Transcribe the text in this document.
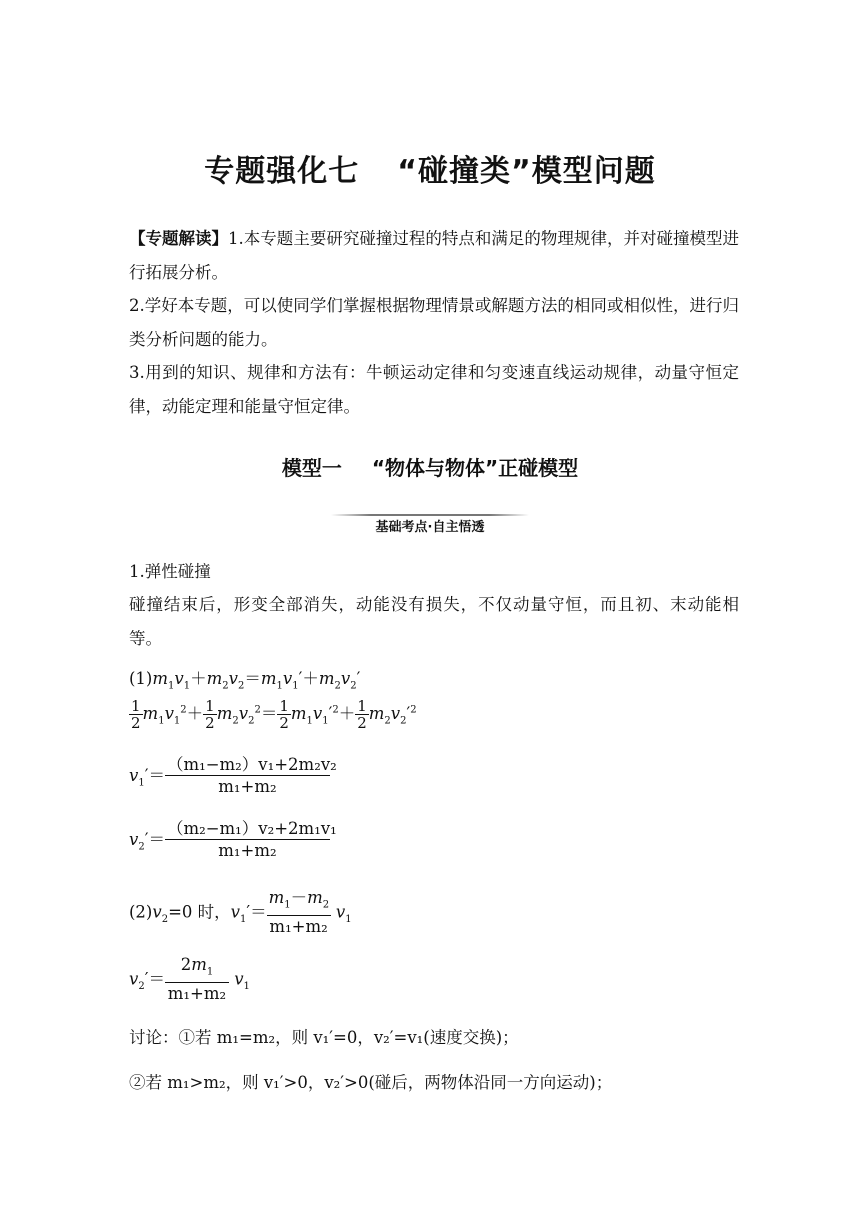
专题强化七 “碰撞类”模型问题
【专题解读】1.本专题主要研究碰撞过程的特点和满足的物理规律，并对碰撞模型进行拓展分析。
2.学好本专题，可以使同学们掌握根据物理情景或解题方法的相同或相似性，进行归类分析问题的能力。
3.用到的知识、规律和方法有：牛顿运动定律和匀变速直线运动规律，动量守恒定律，动能定理和能量守恒定律。
模型一 “物体与物体”正碰模型
基础考点·自主悟透
1.弹性碰撞
碰撞结束后，形变全部消失，动能没有损失，不仅动量守恒，而且初、末动能相等。
$(1)m_1v_1+m_2v_2=m_1v_1'+m_2v_2'$
$\frac{1}{2} m_1v_1^2+ \frac{1}{2} m_2v_2^2= \frac{1}{2} m_1v_1'^2+ \frac{1}{2} m_2v_2'^2$
$v_1'= \frac{\text{（m₁−m₂）v₁+2m₂v₂}}{\text{m₁+m₂}}$
$v_2'= \frac{\text{（m₂−m₁）v₂+2m₁v₁}}{\text{m₁+m₂}}$
$(2)v_2=0$ 时，$v_1'= \frac{m_1-m_2}{\text{m₁+m₂}} v_1$
$v_2'= \frac{2m_1}{\text{m₁+m₂}} v_1$
讨论：①若 m₁=m₂，则 v₁′=0，v₂′=v₁(速度交换)；
②若 m₁>m₂，则 v₁′>0，v₂′>0(碰后，两物体沿同一方向运动)；
